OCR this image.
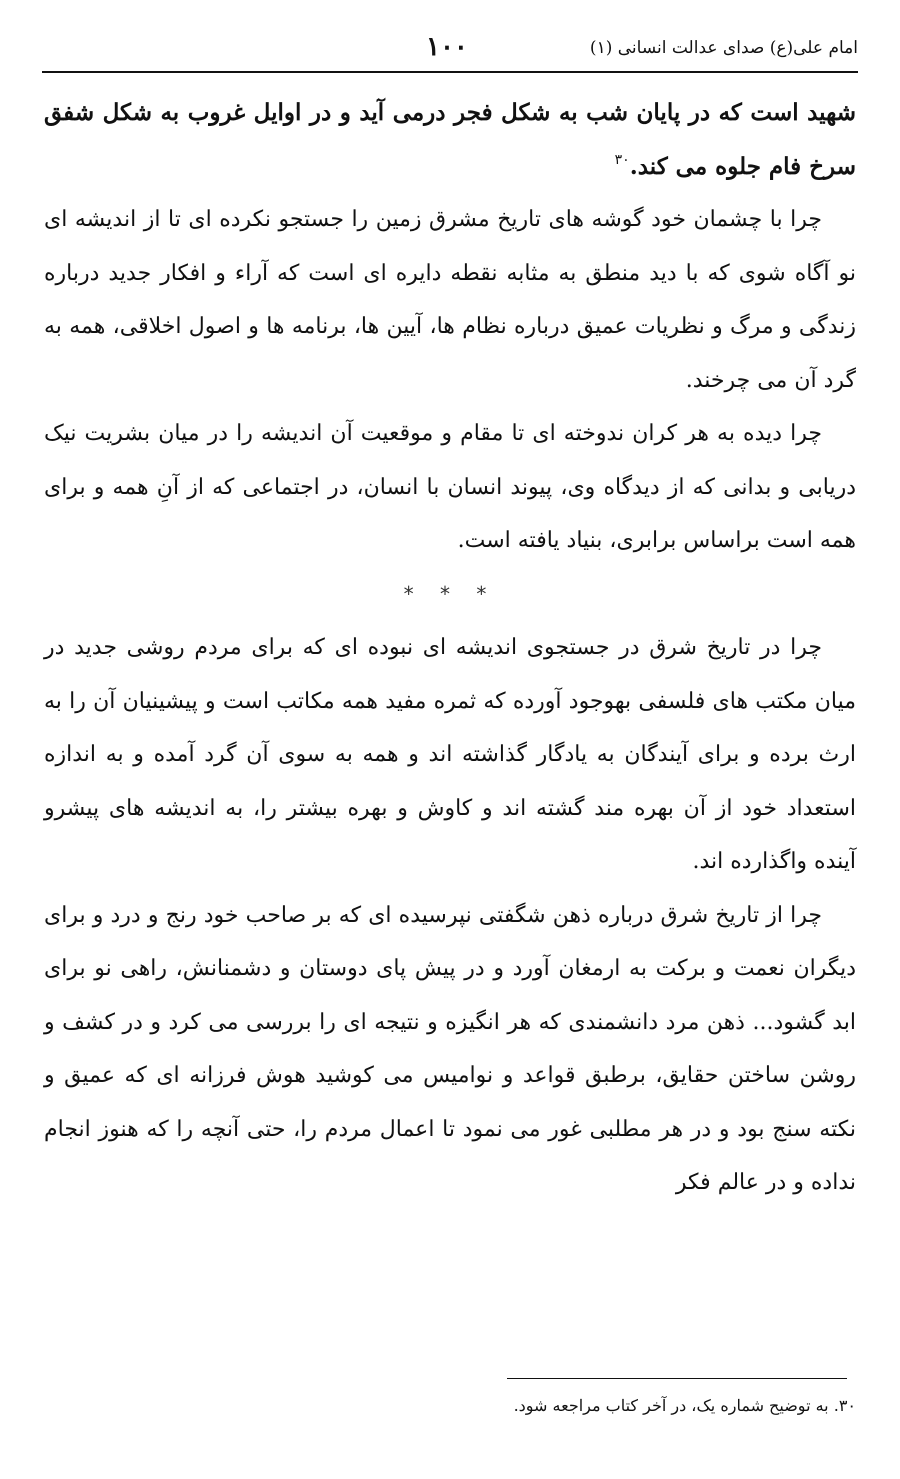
امام علی(ع) صدای عدالت انسانی (۱)
۱۰۰

شهید است که در پایان شب به شکل فجر درمی آید و در اوایل غروب به شکل شفق سرخ فام جلوه می کند.$^{۳۰}$

چرا با چشمان خود گوشه های تاریخ مشرق زمین را جستجو نکرده ای تا از اندیشه ای نو آگاه شوی که با دید منطق به مثابه نقطه دایره ای است که آراء و افکار جدید درباره زندگی و مرگ و نظریات عمیق درباره نظام ها، آیین ها، برنامه ها و اصول اخلاقی، همه به گرد آن می چرخند.

چرا دیده به هر کران ندوخته ای تا مقام و موقعیت آن اندیشه را در میان بشریت نیک دریابی و بدانی که از دیدگاه وی، پیوند انسان با انسان، در اجتماعی که از آنِ همه و برای همه است براساس برابری، بنیاد یافته است.

* * *

چرا در تاریخ شرق در جستجوی اندیشه ای نبوده ای که برای مردم روشی جدید در میان مکتب های فلسفی بهوجود آورده که ثمره مفید همه مکاتب است و پیشینیان آن را به ارث برده و برای آیندگان به یادگار گذاشته اند و همه به سوی آن گرد آمده و به اندازه استعداد خود از آن بهره مند گشته اند و کاوش و بهره بیشتر را، به اندیشه های پیشرو آینده واگذارده اند.

چرا از تاریخ شرق درباره ذهن شگفتی نپرسیده ای که بر صاحب خود رنج و درد و برای دیگران نعمت و برکت به ارمغان آورد و در پیش پای دوستان و دشمنانش، راهی نو برای ابد گشود... ذهن مرد دانشمندی که هر انگیزه و نتیجه ای را بررسی می کرد و در کشف و روشن ساختن حقایق، برطبق قواعد و نوامیس می کوشید هوش فرزانه ای که عمیق و نکته سنج بود و در هر مطلبی غور می نمود تا اعمال مردم را، حتی آنچه را که هنوز انجام نداده و در عالم فکر

۳۰. به توضیح شماره یک، در آخر کتاب مراجعه شود.
